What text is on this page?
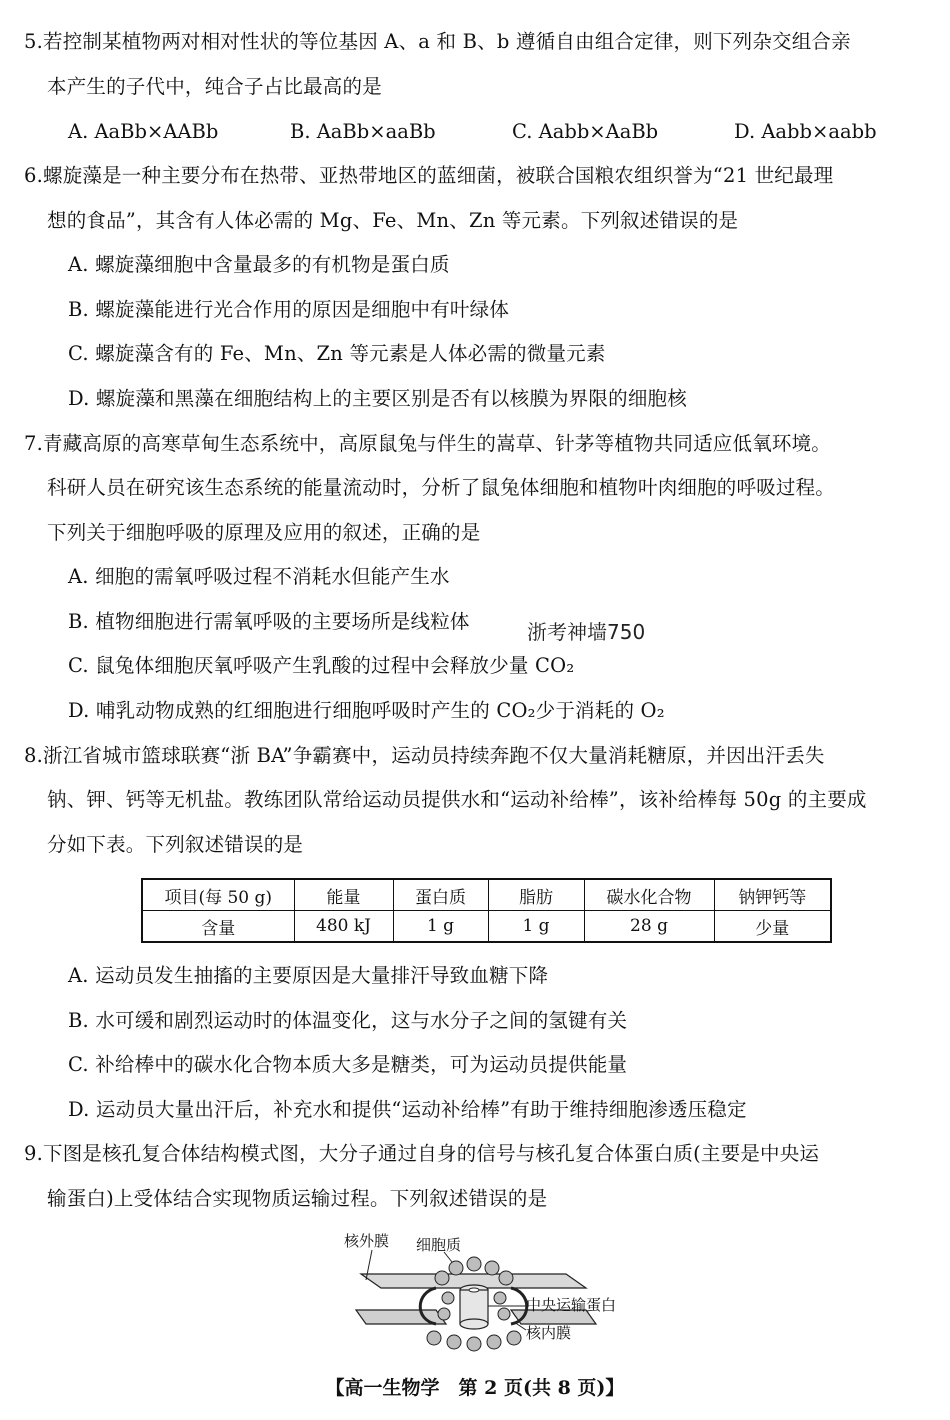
5.若控制某植物两对相对性状的等位基因 A、a 和 B、b 遵循自由组合定律，则下列杂交组合亲
本产生的子代中，纯合子占比最高的是
A. AaBb×AABb	B. AaBb×aaBb	C. Aabb×AaBb	D. Aabb×aabb
6.螺旋藻是一种主要分布在热带、亚热带地区的蓝细菌，被联合国粮农组织誉为“21 世纪最理
想的食品”，其含有人体必需的 Mg、Fe、Mn、Zn 等元素。下列叙述错误的是
A. 螺旋藻细胞中含量最多的有机物是蛋白质
B. 螺旋藻能进行光合作用的原因是细胞中有叶绿体
C. 螺旋藻含有的 Fe、Mn、Zn 等元素是人体必需的微量元素
D. 螺旋藻和黑藻在细胞结构上的主要区别是否有以核膜为界限的细胞核
7.青藏高原的高寒草甸生态系统中，高原鼠兔与伴生的嵩草、针茅等植物共同适应低氧环境。
科研人员在研究该生态系统的能量流动时，分析了鼠兔体细胞和植物叶肉细胞的呼吸过程。
下列关于细胞呼吸的原理及应用的叙述，正确的是
A. 细胞的需氧呼吸过程不消耗水但能产生水
B. 植物细胞进行需氧呼吸的主要场所是线粒体	浙考神墙750
C. 鼠兔体细胞厌氧呼吸产生乳酸的过程中会释放少量 CO₂
D. 哺乳动物成熟的红细胞进行细胞呼吸时产生的 CO₂少于消耗的 O₂
8.浙江省城市篮球联赛“浙 BA”争霸赛中，运动员持续奔跑不仅大量消耗糖原，并因出汗丢失
钠、钾、钙等无机盐。教练团队常给运动员提供水和“运动补给棒”，该补给棒每 50g 的主要成
分如下表。下列叙述错误的是
项目(每 50 g)	能量	蛋白质	脂肪	碳水化合物	钠钾钙等
含量	480 kJ	1 g	1 g	28 g	少量
A. 运动员发生抽搐的主要原因是大量排汗导致血糖下降
B. 水可缓和剧烈运动时的体温变化，这与水分子之间的氢键有关
C. 补给棒中的碳水化合物本质大多是糖类，可为运动员提供能量
D. 运动员大量出汗后，补充水和提供“运动补给棒”有助于维持细胞渗透压稳定
9.下图是核孔复合体结构模式图，大分子通过自身的信号与核孔复合体蛋白质(主要是中央运
输蛋白)上受体结合实现物质运输过程。下列叙述错误的是
核外膜 细胞质
中央运输蛋白
核内膜
【高一生物学　第 2 页(共 8 页)】
